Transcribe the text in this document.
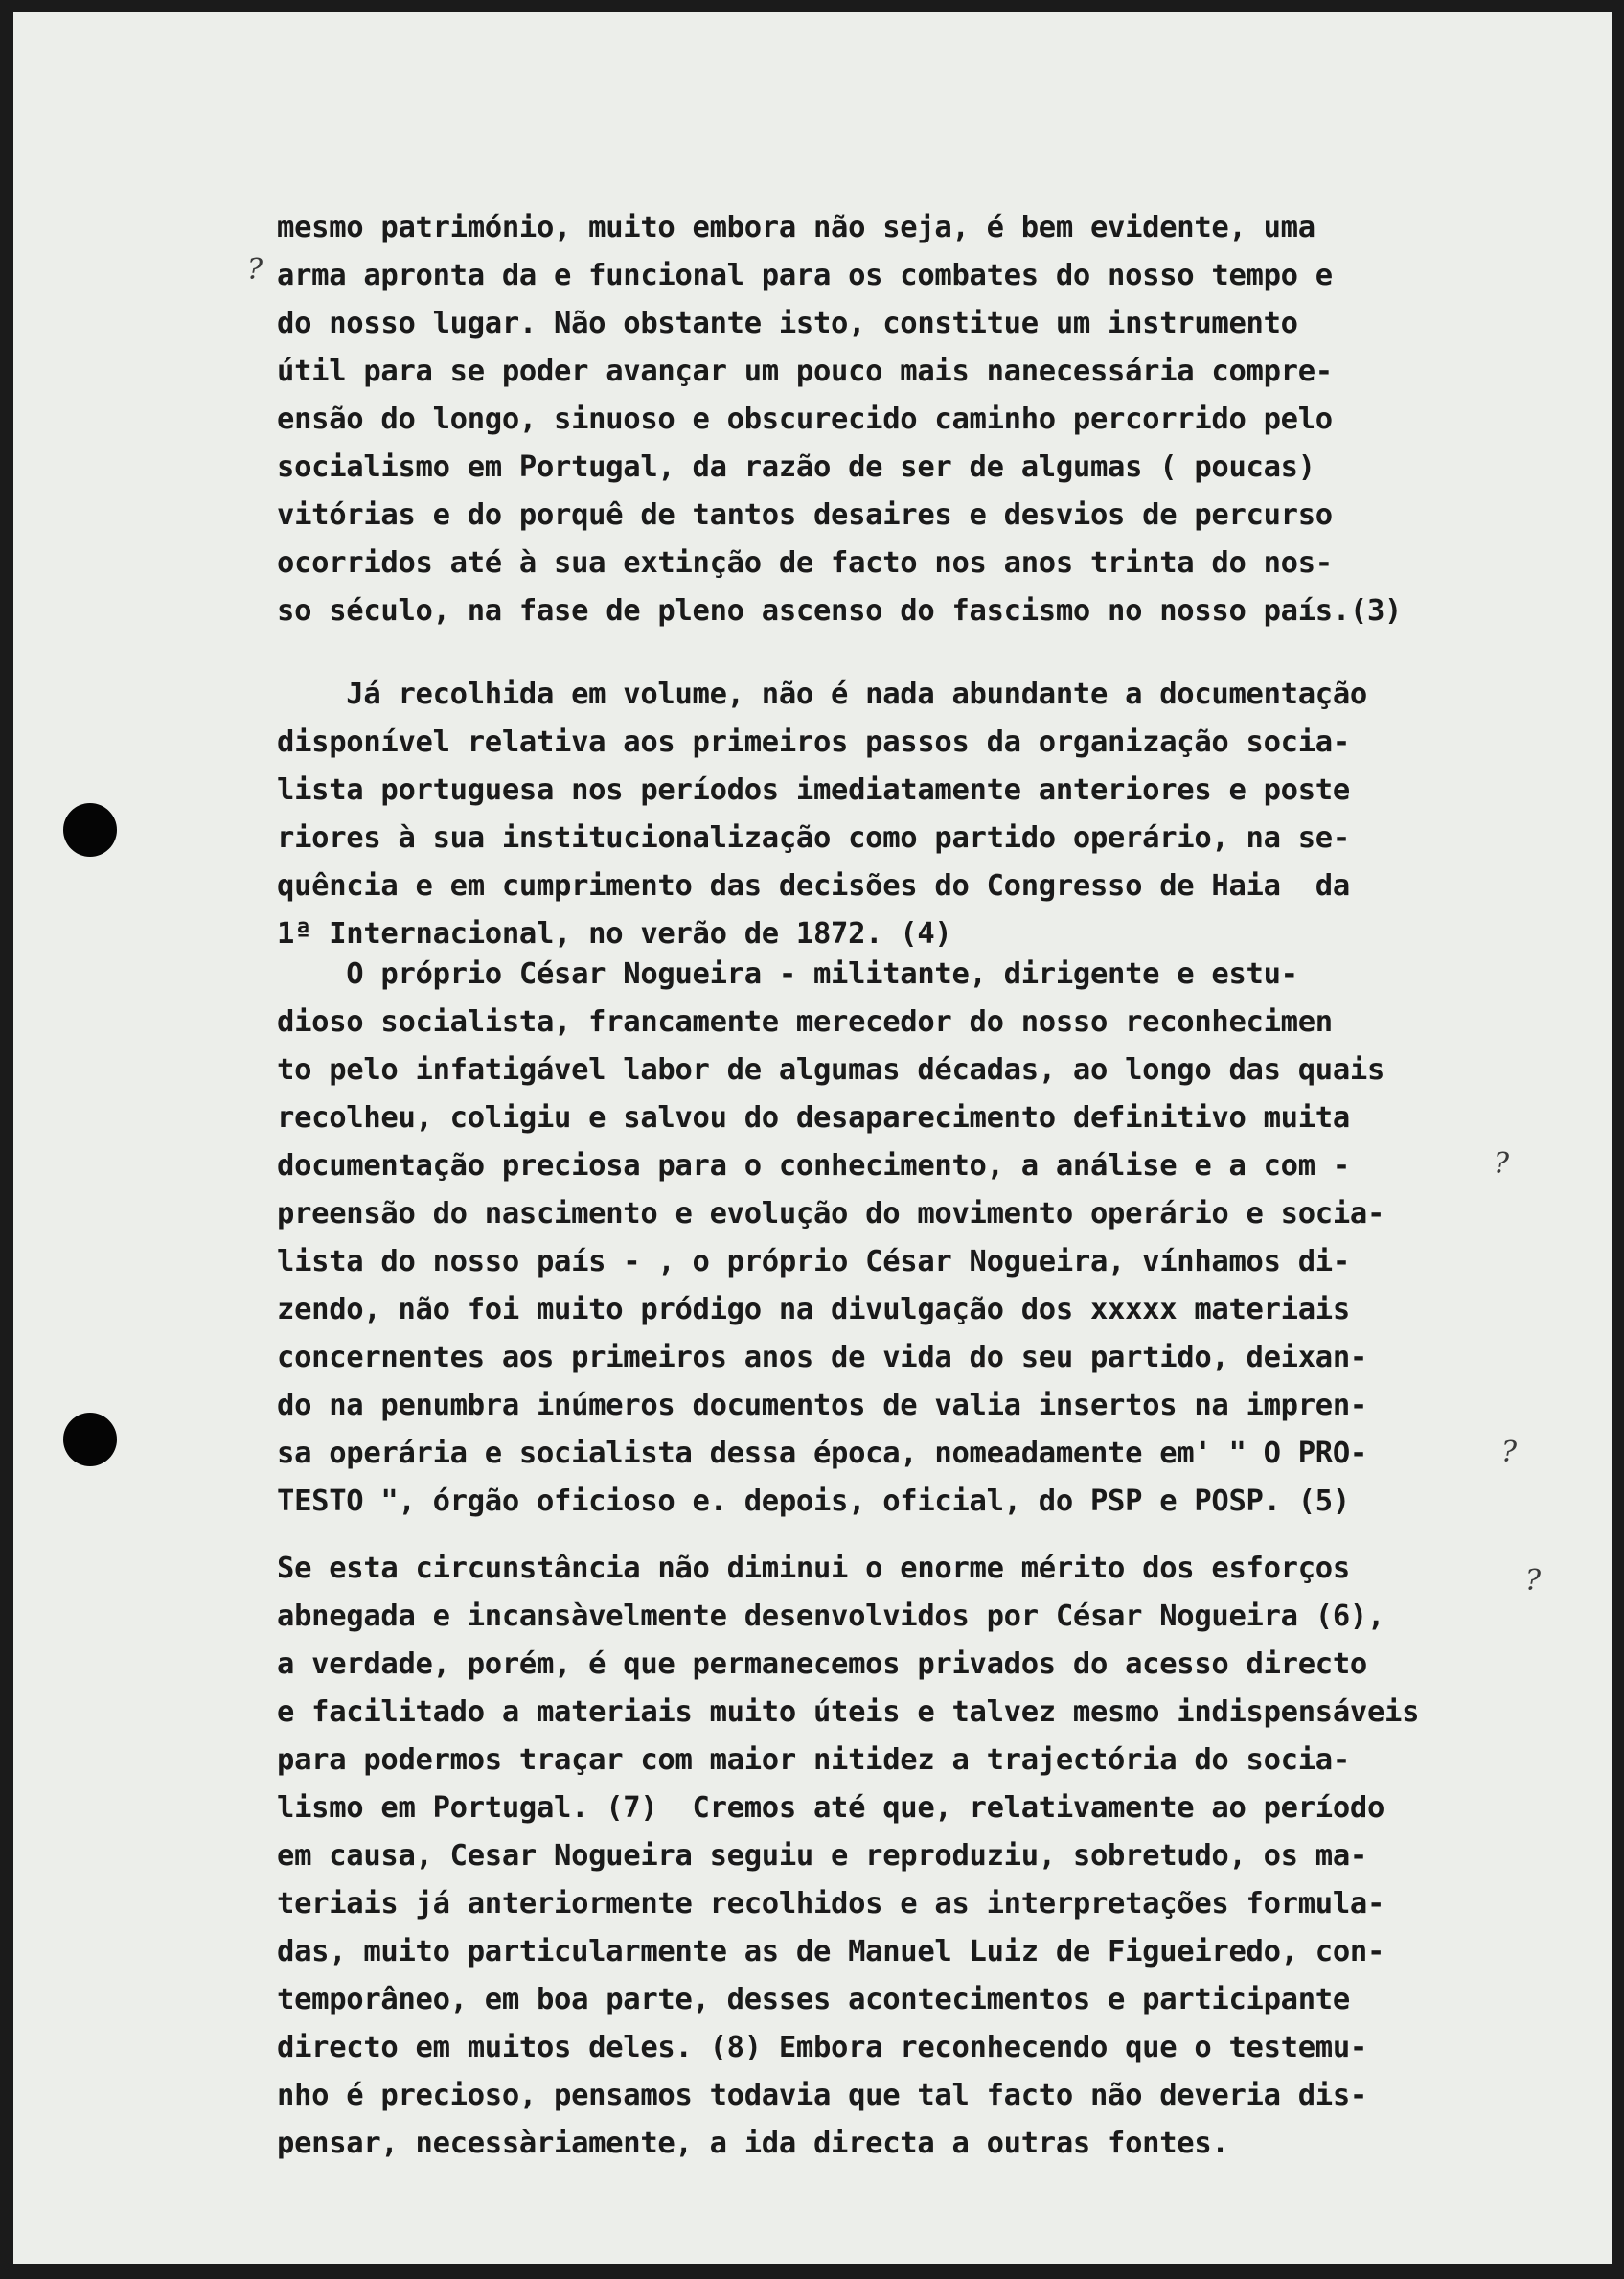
?
?
?
?
mesmo património, muito embora não seja, é bem evidente, uma
arma apronta da e funcional para os combates do nosso tempo e
do nosso lugar. Não obstante isto, constitue um instrumento
útil para se poder avançar um pouco mais nanecessária compre-
ensão do longo, sinuoso e obscurecido caminho percorrido pelo
socialismo em Portugal, da razão de ser de algumas ( poucas)
vitórias e do porquê de tantos desaires e desvios de percurso
ocorridos até à sua extinção de facto nos anos trinta do nos-
so século, na fase de pleno ascenso do fascismo no nosso país.(3)
Já recolhida em volume, não é nada abundante a documentação
disponível relativa aos primeiros passos da organização socia-
lista portuguesa nos períodos imediatamente anteriores e poste
riores à sua institucionalização como partido operário, na se-
quência e em cumprimento das decisões do Congresso de Haia  da
1ª Internacional, no verão de 1872. (4)
O próprio César Nogueira - militante, dirigente e estu-
dioso socialista, francamente merecedor do nosso reconhecimen
to pelo infatigável labor de algumas décadas, ao longo das quais
recolheu, coligiu e salvou do desaparecimento definitivo muita
documentação preciosa para o conhecimento, a análise e a com -
preensão do nascimento e evolução do movimento operário e socia-
lista do nosso país - , o próprio César Nogueira, vínhamos di-
zendo, não foi muito pródigo na divulgação dos xxxxx materiais
concernentes aos primeiros anos de vida do seu partido, deixan-
do na penumbra inúmeros documentos de valia insertos na impren-
sa operária e socialista dessa época, nomeadamente em' " O PRO-
TESTO ", órgão oficioso e. depois, oficial, do PSP e POSP. (5)
Se esta circunstância não diminui o enorme mérito dos esforços
abnegada e incansàvelmente desenvolvidos por César Nogueira (6),
a verdade, porém, é que permanecemos privados do acesso directo
e facilitado a materiais muito úteis e talvez mesmo indispensáveis
para podermos traçar com maior nitidez a trajectória do socia-
lismo em Portugal. (7)  Cremos até que, relativamente ao período
em causa, Cesar Nogueira seguiu e reproduziu, sobretudo, os ma-
teriais já anteriormente recolhidos e as interpretações formula-
das, muito particularmente as de Manuel Luiz de Figueiredo, con-
temporâneo, em boa parte, desses acontecimentos e participante
directo em muitos deles. (8) Embora reconhecendo que o testemu-
nho é precioso, pensamos todavia que tal facto não deveria dis-
pensar, necessàriamente, a ida directa a outras fontes.
